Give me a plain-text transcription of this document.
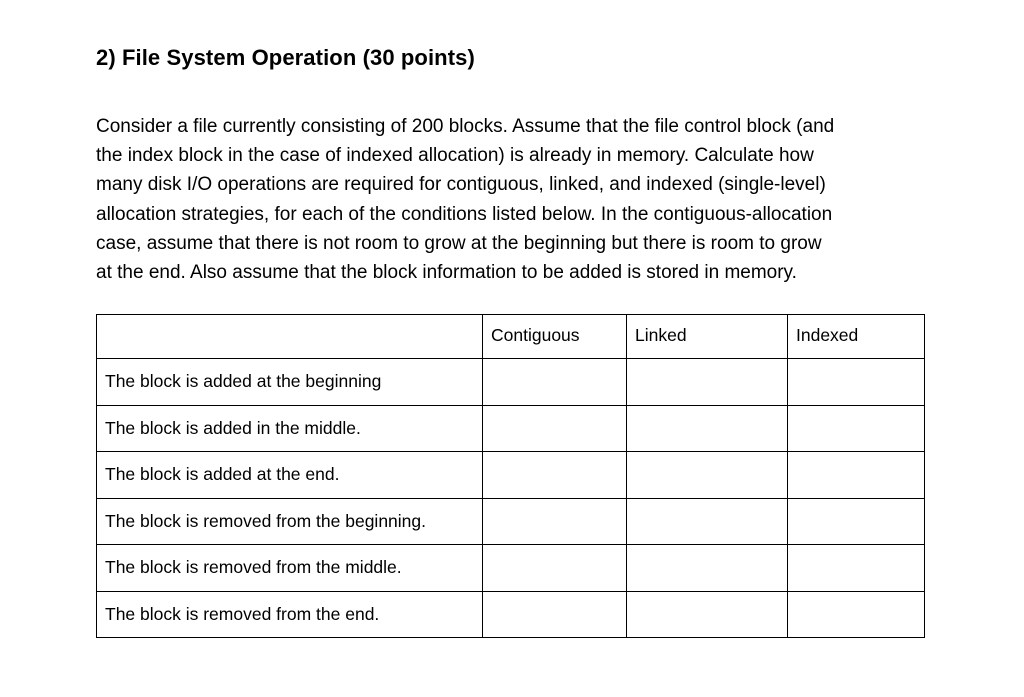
2) File System Operation (30 points)
Consider a file currently consisting of 200 blocks. Assume that the file control block (and
the index block in the case of indexed allocation) is already in memory. Calculate how
many disk I/O operations are required for contiguous, linked, and indexed (single-level)
allocation strategies, for each of the conditions listed below. In the contiguous-allocation
case, assume that there is not room to grow at the beginning but there is room to grow
at the end. Also assume that the block information to be added is stored in memory.
	Contiguous	Linked	Indexed
The block is added at the beginning			
The block is added in the middle.			
The block is added at the end.			
The block is removed from the beginning.			
The block is removed from the middle.			
The block is removed from the end.			
